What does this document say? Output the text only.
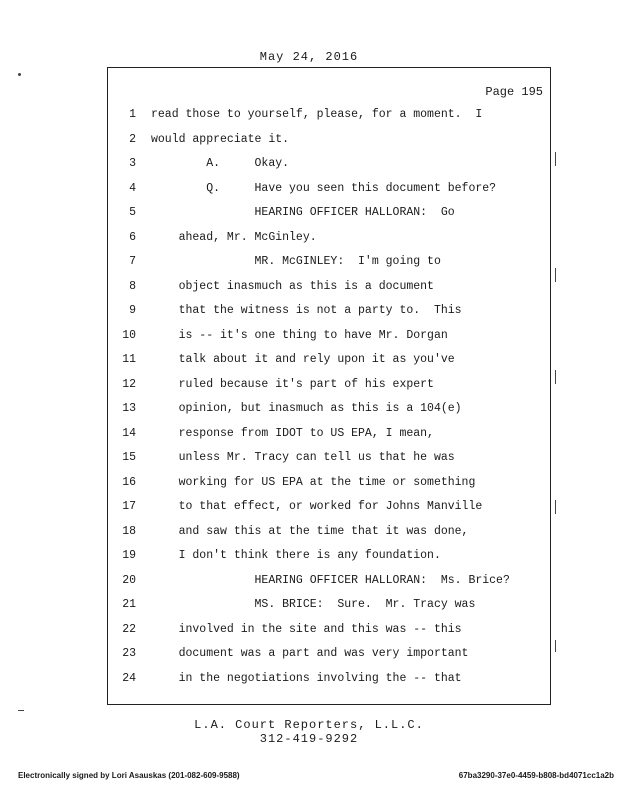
May 24, 2016
Page 195
1 read those to yourself, please, for a moment.  I
2 would appreciate it.
3 A.     Okay.
4 Q.     Have you seen this document before?
5 HEARING OFFICER HALLORAN:  Go
6 ahead, Mr. McGinley.
7 MR. McGINLEY:  I'm going to
8 object inasmuch as this is a document
9 that the witness is not a party to.  This
10 is -- it's one thing to have Mr. Dorgan
11 talk about it and rely upon it as you've
12 ruled because it's part of his expert
13 opinion, but inasmuch as this is a 104(e)
14 response from IDOT to US EPA, I mean,
15 unless Mr. Tracy can tell us that he was
16 working for US EPA at the time or something
17 to that effect, or worked for Johns Manville
18 and saw this at the time that it was done,
19 I don't think there is any foundation.
20 HEARING OFFICER HALLORAN:  Ms. Brice?
21 MS. BRICE:  Sure.  Mr. Tracy was
22 involved in the site and this was -- this
23 document was a part and was very important
24 in the negotiations involving the -- that
L.A. Court Reporters, L.L.C.
312-419-9292
Electronically signed by Lori Asauskas (201-082-609-9588)	67ba3290-37e0-4459-b808-bd4071cc1a2b
